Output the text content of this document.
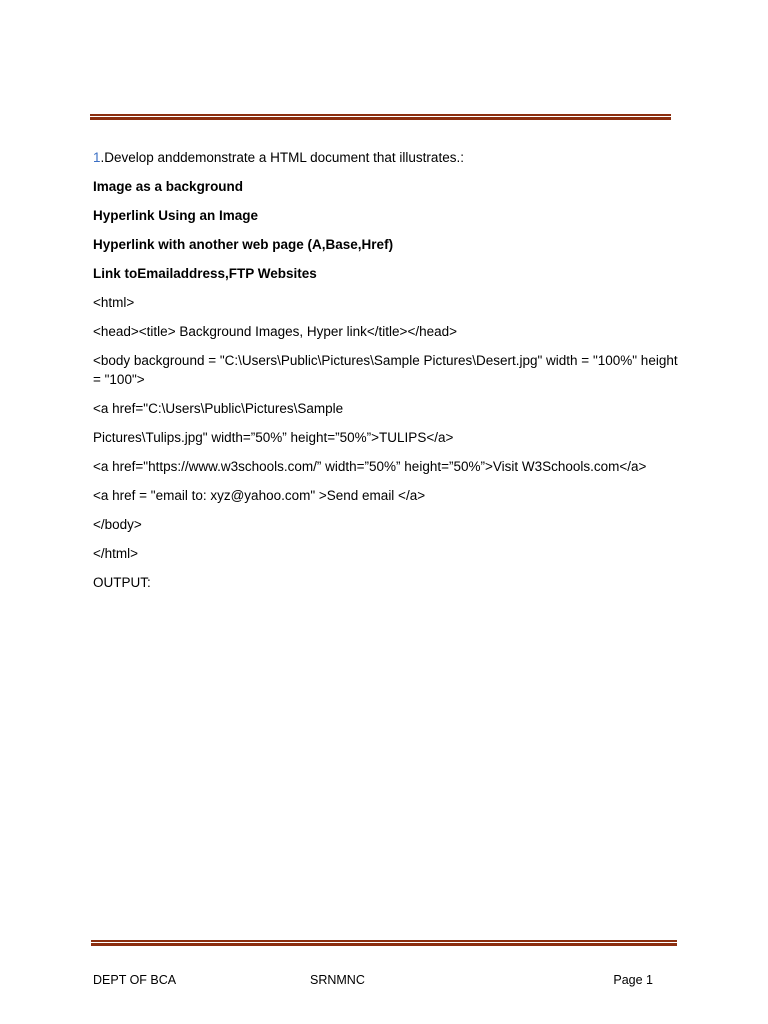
1.Develop anddemonstrate a HTML document that illustrates.:

Image as a background

Hyperlink Using an Image

Hyperlink with another web page (A,Base,Href)

Link toEmailaddress,FTP Websites

<html>

<head><title> Background Images, Hyper link</title></head>

<body background = "C:\Users\Public\Pictures\Sample Pictures\Desert.jpg" width = "100%" height = "100">

<a href="C:\Users\Public\Pictures\Sample

Pictures\Tulips.jpg" width=”50%” height=”50%”>TULIPS</a>

<a href="https://www.w3schools.com/” width=”50%” height=”50%”>Visit W3Schools.com</a>

<a href = "email to: xyz@yahoo.com" >Send email </a>

</body>

</html>

OUTPUT:

DEPT OF BCA	SRNMNC	Page 1
